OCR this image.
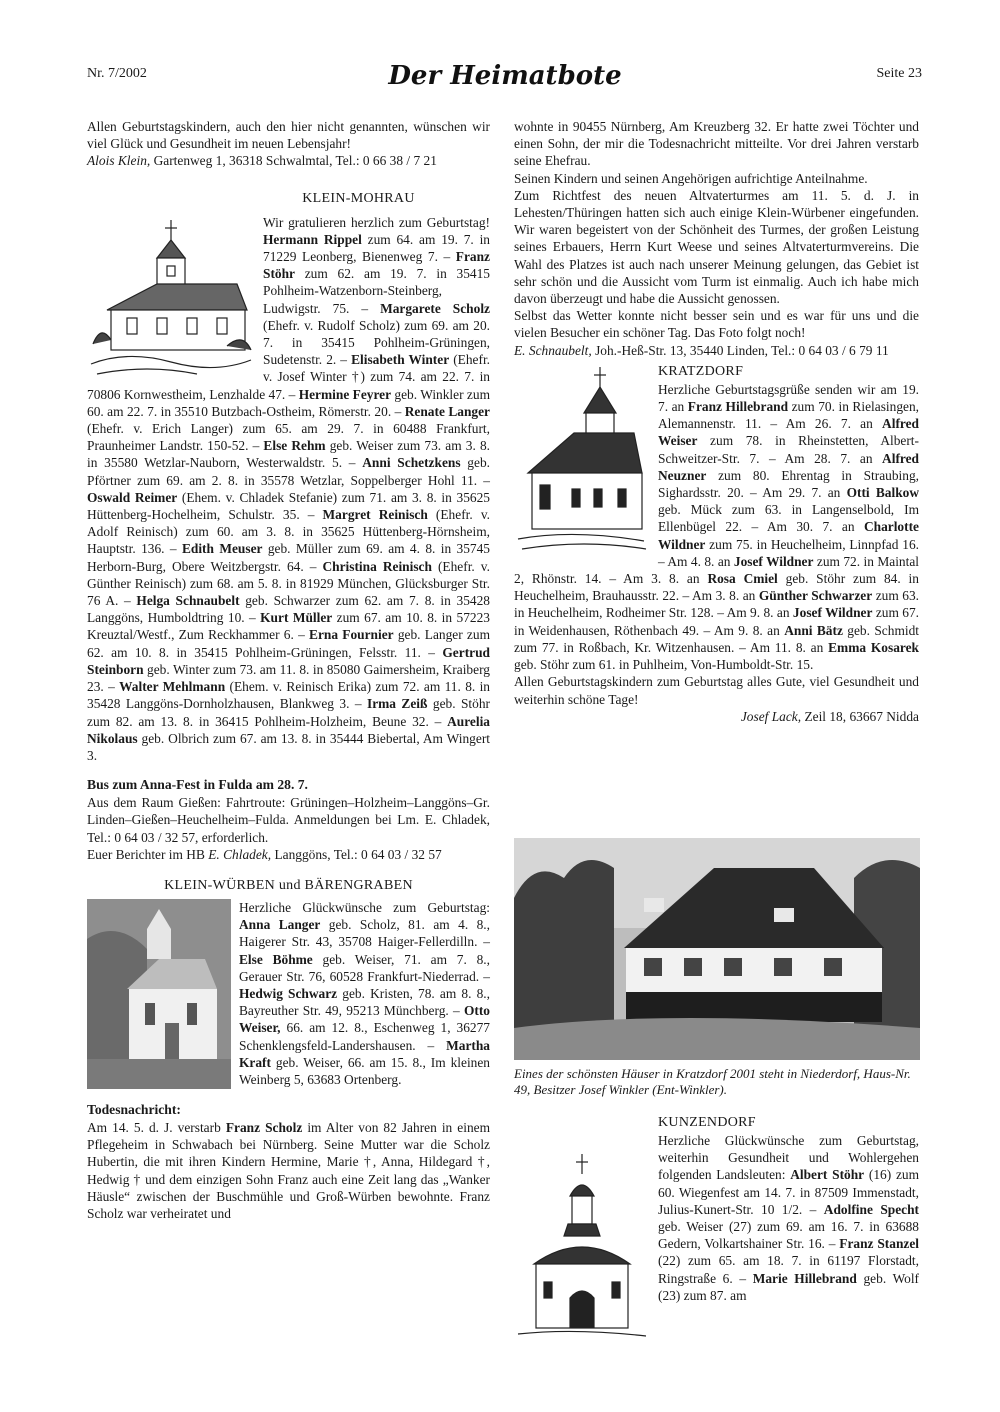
Nr. 7/2002	Der Heimatbote	Seite 23

Allen Geburtstagskindern, auch den hier nicht genannten, wünschen wir viel Glück und Gesundheit im neuen Lebensjahr!
Alois Klein, Gartenweg 1, 36318 Schwalmtal, Tel.: 0 66 38 / 7 21

KLEIN-MOHRAU

Wir gratulieren herzlich zum Geburtstag! Hermann Rippel zum 64. am 19. 7. in 71229 Leonberg, Bienenweg 7. – Franz Stöhr zum 62. am 19. 7. in 35415 Pohlheim-Watzenborn-Steinberg, Ludwigstr. 75. – Margarete Scholz (Ehefr. v. Rudolf Scholz) zum 69. am 20. 7. in 35415 Pohlheim-Grüningen, Sudetenstr. 2. – Elisabeth Winter (Ehefr. v. Josef Winter †) zum 74. am 22. 7. in 70806 Kornwestheim, Lenzhalde 47. – Hermine Feyrer geb. Winkler zum 60. am 22. 7. in 35510 Butzbach-Ostheim, Römerstr. 20. – Renate Langer (Ehefr. v. Erich Langer) zum 65. am 29. 7. in 60488 Frankfurt, Praunheimer Landstr. 150-52. – Else Rehm geb. Weiser zum 73. am 3. 8. in 35580 Wetzlar-Nauborn, Westerwaldstr. 5. – Anni Schetzkens geb. Pförtner zum 69. am 2. 8. in 35578 Wetzlar, Soppelberger Hohl 11. – Oswald Reimer (Ehem. v. Chladek Stefanie) zum 71. am 3. 8. in 35625 Hüttenberg-Hochelheim, Schulstr. 35. – Margret Reinisch (Ehefr. v. Adolf Reinisch) zum 60. am 3. 8. in 35625 Hüttenberg-Hörnsheim, Hauptstr. 136. – Edith Meuser geb. Müller zum 69. am 4. 8. in 35745 Herborn-Burg, Obere Weitzbergstr. 64. – Christina Reinisch (Ehefr. v. Günther Reinisch) zum 68. am 5. 8. in 81929 München, Glücksburger Str. 76 A. – Helga Schnaubelt geb. Schwarzer zum 62. am 7. 8. in 35428 Langgöns, Humboldtring 10. – Kurt Müller zum 67. am 10. 8. in 57223 Kreuztal/Westf., Zum Reckhammer 6. – Erna Fournier geb. Langer zum 62. am 10. 8. in 35415 Pohlheim-Grüningen, Felsstr. 11. – Gertrud Steinborn geb. Winter zum 73. am 11. 8. in 85080 Gaimersheim, Kraiberg 23. – Walter Mehlmann (Ehem. v. Reinisch Erika) zum 72. am 11. 8. in 35428 Langgöns-Dornholzhausen, Blankweg 3. – Irma Zeiß geb. Stöhr zum 82. am 13. 8. in 36415 Pohlheim-Holzheim, Beune 32. – Aurelia Nikolaus geb. Olbrich zum 67. am 13. 8. in 35444 Biebertal, Am Wingert 3.

Bus zum Anna-Fest in Fulda am 28. 7.

Aus dem Raum Gießen: Fahrtroute: Grüningen–Holzheim–Langgöns–Gr. Linden–Gießen–Heuchelheim–Fulda. Anmeldungen bei Lm. E. Chladek, Tel.: 0 64 03 / 32 57, erforderlich.
Euer Berichter im HB E. Chladek, Langgöns, Tel.: 0 64 03 / 32 57

KLEIN-WÜRBEN und BÄRENGRABEN

Herzliche Glückwünsche zum Geburtstag: Anna Langer geb. Scholz, 81. am 4. 8., Haigerer Str. 43, 35708 Haiger-Fellerdilln. – Else Böhme geb. Weiser, 71. am 7. 8., Gerauer Str. 76, 60528 Frankfurt-Niederrad. – Hedwig Schwarz geb. Kristen, 78. am 8. 8., Bayreuther Str. 49, 95213 Münchberg. – Otto Weiser, 66. am 12. 8., Eschenweg 1, 36277 Schenklengsfeld-Landershausen. – Martha Kraft geb. Weiser, 66. am 15. 8., Im kleinen Weinberg 5, 63683 Ortenberg.

Todesnachricht:

Am 14. 5. d. J. verstarb Franz Scholz im Alter von 82 Jahren in einem Pflegeheim in Schwabach bei Nürnberg. Seine Mutter war die Scholz Hubertin, die mit ihren Kindern Hermine, Marie †, Anna, Hildegard †, Hedwig † und dem einzigen Sohn Franz auch eine Zeit lang das „Wanker Häusle“ zwischen der Buschmühle und Groß-Würben bewohnte. Franz Scholz war verheiratet und

wohnte in 90455 Nürnberg, Am Kreuzberg 32. Er hatte zwei Töchter und einen Sohn, der mir die Todesnachricht mitteilte. Vor drei Jahren verstarb seine Ehefrau.

Seinen Kindern und seinen Angehörigen aufrichtige Anteilnahme.

Zum Richtfest des neuen Altvaterturmes am 11. 5. d. J. in Lehesten/Thüringen hatten sich auch einige Klein-Würbener eingefunden. Wir waren begeistert von der Schönheit des Turmes, der großen Leistung seines Erbauers, Herrn Kurt Weese und seines Altvaterturmvereins. Die Wahl des Platzes ist auch nach unserer Meinung gelungen, das Gebiet ist sehr schön und die Aussicht vom Turm ist einmalig. Auch ich habe mich davon überzeugt und habe die Aussicht genossen.

Selbst das Wetter konnte nicht besser sein und es war für uns und die vielen Besucher ein schöner Tag. Das Foto folgt noch!
E. Schnaubelt, Joh.-Heß-Str. 13, 35440 Linden, Tel.: 0 64 03 / 6 79 11

KRATZDORF

Herzliche Geburtstagsgrüße senden wir am 19. 7. an Franz Hillebrand zum 70. in Rielasingen, Alemannenstr. 11. – Am 26. 7. an Alfred Weiser zum 78. in Rheinstetten, Albert-Schweitzer-Str. 7. – Am 28. 7. an Alfred Neuzner zum 80. Ehrentag in Straubing, Sighardsstr. 20. – Am 29. 7. an Otti Balkow geb. Mück zum 63. in Langenselbold, Im Ellenbügel 22. – Am 30. 7. an Charlotte Wildner zum 75. in Heuchelheim, Linnpfad 16. – Am 4. 8. an Josef Wildner zum 72. in Maintal 2, Rhönstr. 14. – Am 3. 8. an Rosa Cmiel geb. Stöhr zum 84. in Heuchelheim, Brauhausstr. 22. – Am 3. 8. an Günther Schwarzer zum 63. in Heuchelheim, Rodheimer Str. 128. – Am 9. 8. an Josef Wildner zum 67. in Weidenhausen, Röthenbach 49. – Am 9. 8. an Anni Bätz geb. Schmidt zum 77. in Roßbach, Kr. Witzenhausen. – Am 11. 8. an Emma Kosarek geb. Stöhr zum 61. in Puhlheim, Von-Humboldt-Str. 15.

Allen Geburtstagskindern zum Geburtstag alles Gute, viel Gesundheit und weiterhin schöne Tage!

Josef Lack, Zeil 18, 63667 Nidda

Eines der schönsten Häuser in Kratzdorf 2001 steht in Niederdorf, Haus-Nr. 49, Besitzer Josef Winkler (Ent-Winkler).
KUNZENDORF

Herzliche Glückwünsche zum Geburtstag, weiterhin Gesundheit und Wohlergehen folgenden Landsleuten: Albert Stöhr (16) zum 60. Wiegenfest am 14. 7. in 87509 Immenstadt, Julius-Kunert-Str. 10 1/2. – Adolfine Specht geb. Weiser (27) zum 69. am 16. 7. in 63688 Gedern, Volkartshainer Str. 16. – Franz Stanzel (22) zum 65. am 18. 7. in 61197 Florstadt, Ringstraße 6. – Marie Hillebrand geb. Wolf (23) zum 87. am
